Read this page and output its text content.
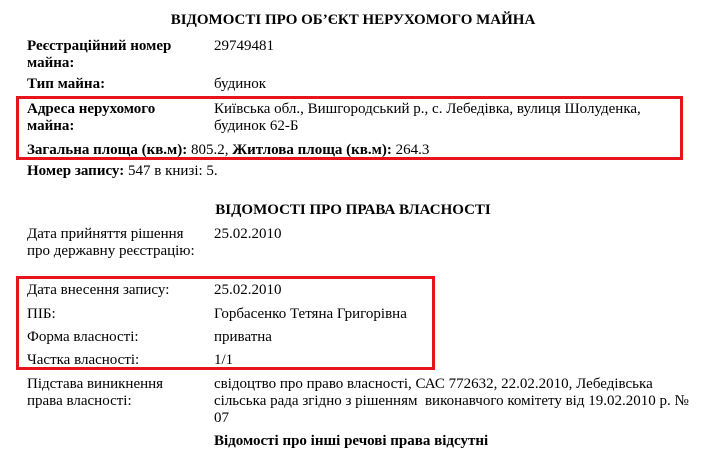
ВІДОМОСТІ ПРО ОБ’ЄКТ НЕРУХОМОГО МАЙНА
Реєстраційний номер майна:
29749481
Тип майна:	будинок
Адреса нерухомого майна:
Київська обл., Вишгородський р., с. Лебедівка, вулиця Шолуденка, будинок 62-Б
Загальна площа (кв.м): 805.2, Житлова площа (кв.м): 264.3
Номер запису: 547 в книзі: 5.
ВІДОМОСТІ ПРО ПРАВА ВЛАСНОСТІ
Дата прийняття рішення про державну реєстрацію:
25.02.2010
Дата внесення запису:	25.02.2010
ПІБ:	Горбасенко Тетяна Григорівна
Форма власності:	приватна
Частка власності:	1/1
Підстава виникнення права власності:
свідоцтво про право власності, САС 772632, 22.02.2010, Лебедівська сільська рада згідно з рішенням  виконавчого комітету від 19.02.2010 р. № 07
Відомості про інші речові права відсутні
